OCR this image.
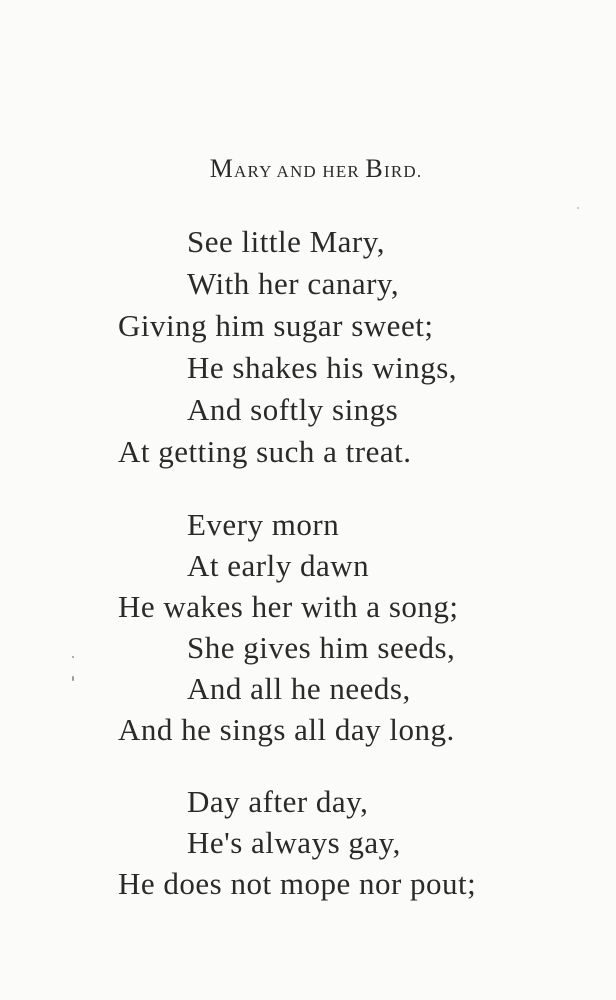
MARY AND HER BIRD.
See little Mary,
With her canary,
Giving him sugar sweet;
He shakes his wings,
And softly sings
At getting such a treat.
Every morn
At early dawn
He wakes her with a song;
She gives him seeds,
And all he needs,
And he sings all day long.
Day after day,
He's always gay,
He does not mope nor pout;
